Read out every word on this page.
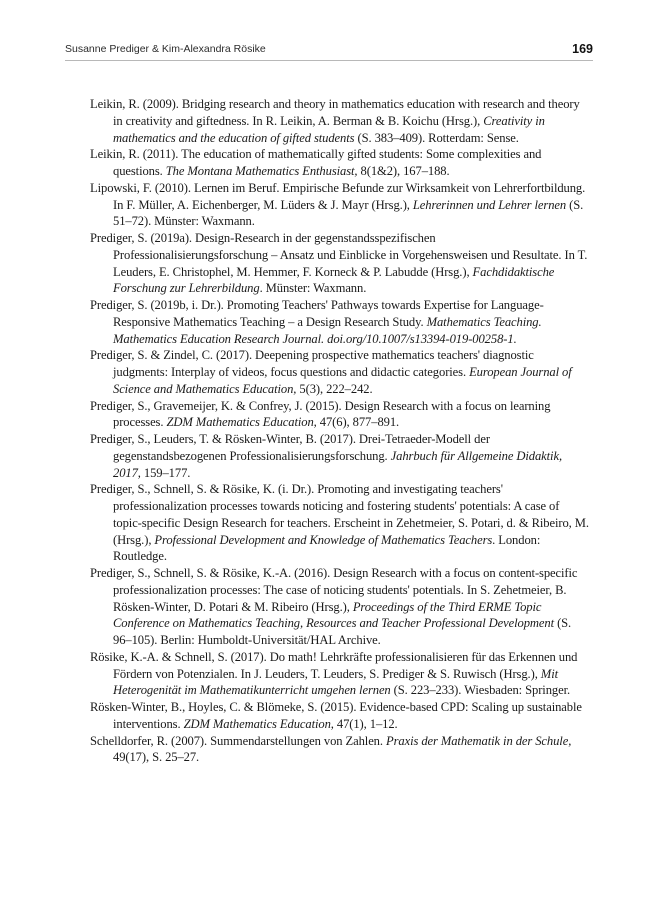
Susanne Prediger & Kim-Alexandra Rösike	169
Leikin, R. (2009). Bridging research and theory in mathematics education with research and theory in creativity and giftedness. In R. Leikin, A. Berman & B. Koichu (Hrsg.), Creativity in mathematics and the education of gifted students (S. 383–409). Rotterdam: Sense.
Leikin, R. (2011). The education of mathematically gifted students: Some complexities and questions. The Montana Mathematics Enthusiast, 8(1&2), 167–188.
Lipowski, F. (2010). Lernen im Beruf. Empirische Befunde zur Wirksamkeit von Lehrerfortbildung. In F. Müller, A. Eichenberger, M. Lüders & J. Mayr (Hrsg.), Lehrerinnen und Lehrer lernen (S. 51–72). Münster: Waxmann.
Prediger, S. (2019a). Design-Research in der gegenstandsspezifischen Professionalisierungsforschung – Ansatz und Einblicke in Vorgehensweisen und Resultate. In T. Leuders, E. Christophel, M. Hemmer, F. Korneck & P. Labudde (Hrsg.), Fachdidaktische Forschung zur Lehrerbildung. Münster: Waxmann.
Prediger, S. (2019b, i. Dr.). Promoting Teachers' Pathways towards Expertise for Language-Responsive Mathematics Teaching – a Design Research Study. Mathematics Teaching. Mathematics Education Research Journal. doi.org/10.1007/s13394-019-00258-1.
Prediger, S. & Zindel, C. (2017). Deepening prospective mathematics teachers' diagnostic judgments: Interplay of videos, focus questions and didactic categories. European Journal of Science and Mathematics Education, 5(3), 222–242.
Prediger, S., Gravemeijer, K. & Confrey, J. (2015). Design Research with a focus on learning processes. ZDM Mathematics Education, 47(6), 877–891.
Prediger, S., Leuders, T. & Rösken-Winter, B. (2017). Drei-Tetraeder-Modell der gegenstandsbezogenen Professionalisierungsforschung. Jahrbuch für Allgemeine Didaktik, 2017, 159–177.
Prediger, S., Schnell, S. & Rösike, K. (i. Dr.). Promoting and investigating teachers' professionalization processes towards noticing and fostering students' potentials: A case of topic-specific Design Research for teachers. Erscheint in Zehetmeier, S. Potari, d. & Ribeiro, M. (Hrsg.), Professional Development and Knowledge of Mathematics Teachers. London: Routledge.
Prediger, S., Schnell, S. & Rösike, K.-A. (2016). Design Research with a focus on content-specific professionalization processes: The case of noticing students' potentials. In S. Zehetmeier, B. Rösken-Winter, D. Potari & M. Ribeiro (Hrsg.), Proceedings of the Third ERME Topic Conference on Mathematics Teaching, Resources and Teacher Professional Development (S. 96–105). Berlin: Humboldt-Universität/HAL Archive.
Rösike, K.-A. & Schnell, S. (2017). Do math! Lehrkräfte professionalisieren für das Erkennen und Fördern von Potenzialen. In J. Leuders, T. Leuders, S. Prediger & S. Ruwisch (Hrsg.), Mit Heterogenität im Mathematikunterricht umgehen lernen (S. 223–233). Wiesbaden: Springer.
Rösken-Winter, B., Hoyles, C. & Blömeke, S. (2015). Evidence-based CPD: Scaling up sustainable interventions. ZDM Mathematics Education, 47(1), 1–12.
Schelldorfer, R. (2007). Summendarstellungen von Zahlen. Praxis der Mathematik in der Schule, 49(17), S. 25–27.
